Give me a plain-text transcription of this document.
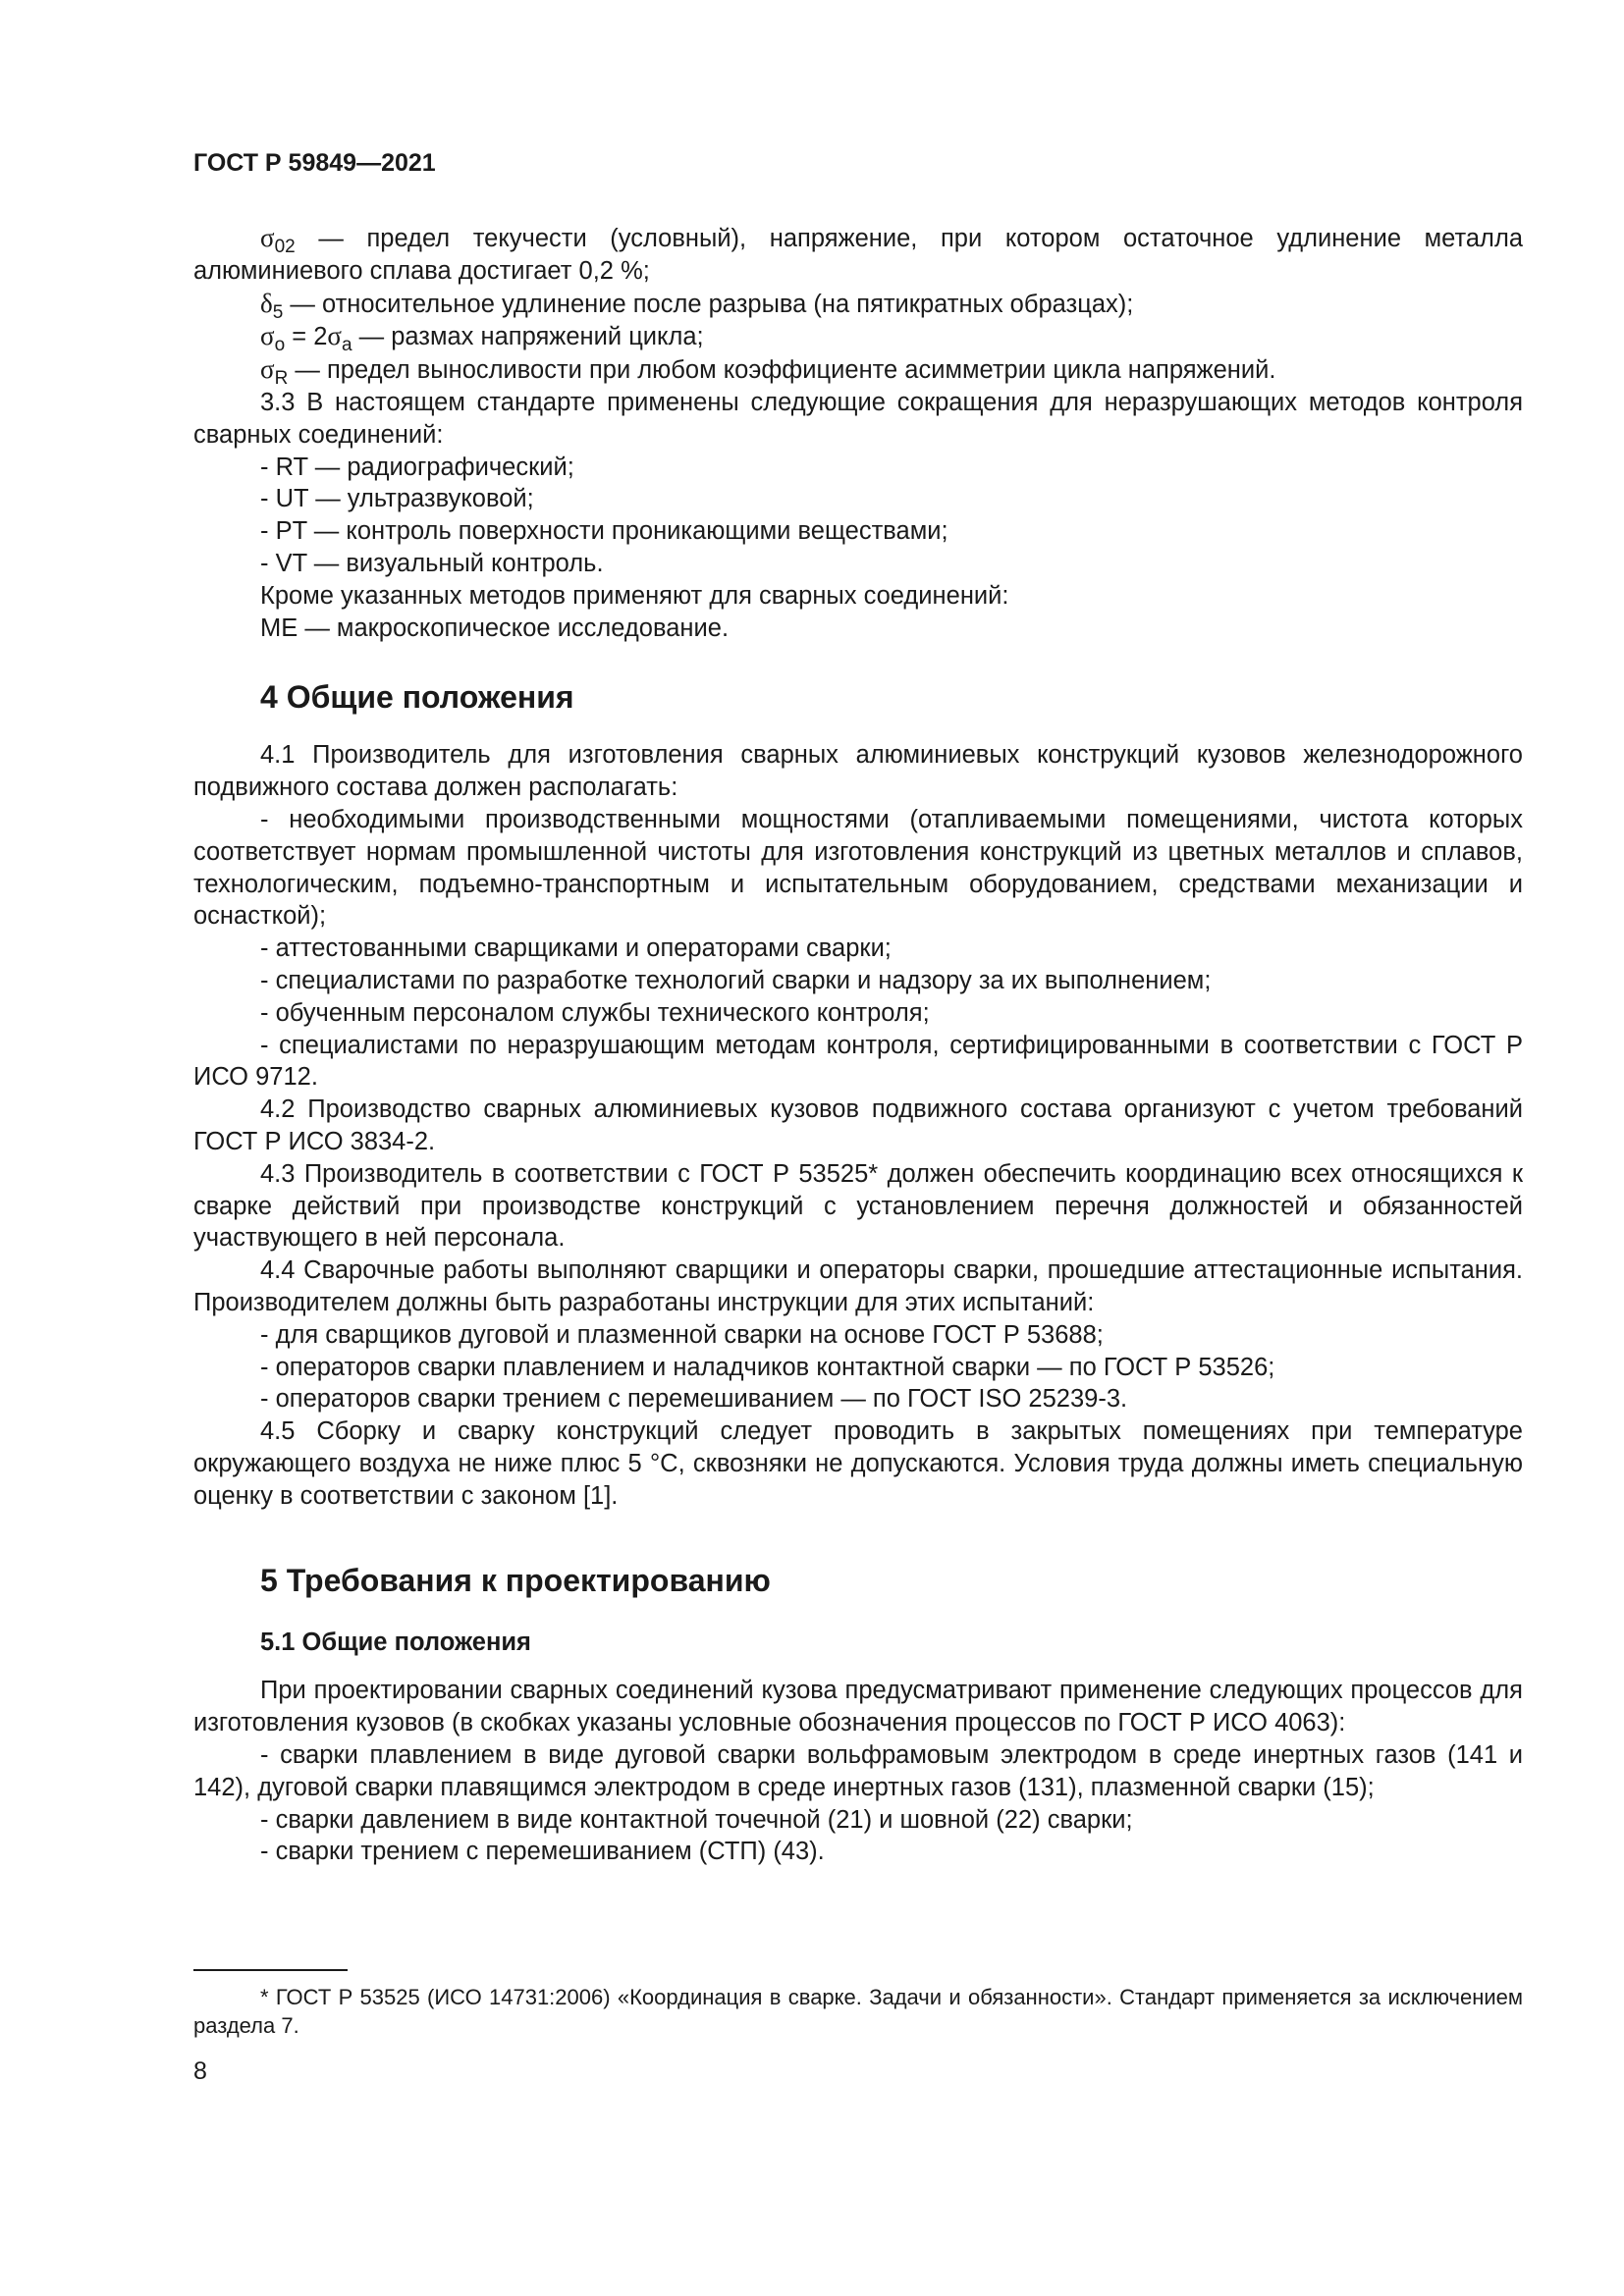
ГОСТ Р 59849—2021

$\sigma_{02}$ — предел текучести (условный), напряжение, при котором остаточное удлинение металла алюминиевого сплава достигает 0,2 %;

$\delta_5$ — относительное удлинение после разрыва (на пятикратных образцах);

$\sigma_о = 2\sigma_а$ — размах напряжений цикла;

$\sigma_R$ — предел выносливости при любом коэффициенте асимметрии цикла напряжений.

3.3 В настоящем стандарте применены следующие сокращения для неразрушающих методов контроля сварных соединений:

- RT — радиографический;

- UT — ультразвуковой;

- PT — контроль поверхности проникающими веществами;

- VT — визуальный контроль.

Кроме указанных методов применяют для сварных соединений:

ME — макроскопическое исследование.

4 Общие положения

4.1 Производитель для изготовления сварных алюминиевых конструкций кузовов железнодорожного подвижного состава должен располагать:

- необходимыми производственными мощностями (отапливаемыми помещениями, чистота которых соответствует нормам промышленной чистоты для изготовления конструкций из цветных металлов и сплавов, технологическим, подъемно-транспортным и испытательным оборудованием, средствами механизации и оснасткой);

- аттестованными сварщиками и операторами сварки;

- специалистами по разработке технологий сварки и надзору за их выполнением;

- обученным персоналом службы технического контроля;

- специалистами по неразрушающим методам контроля, сертифицированными в соответствии с ГОСТ Р ИСО 9712.

4.2 Производство сварных алюминиевых кузовов подвижного состава организуют с учетом требований ГОСТ Р ИСО 3834-2.

4.3 Производитель в соответствии с ГОСТ Р 53525* должен обеспечить координацию всех относящихся к сварке действий при производстве конструкций с установлением перечня должностей и обязанностей участвующего в ней персонала.

4.4 Сварочные работы выполняют сварщики и операторы сварки, прошедшие аттестационные испытания. Производителем должны быть разработаны инструкции для этих испытаний:

- для сварщиков дуговой и плазменной сварки на основе ГОСТ Р 53688;

- операторов сварки плавлением и наладчиков контактной сварки — по ГОСТ Р 53526;

- операторов сварки трением с перемешиванием — по ГОСТ ISO 25239-3.

4.5 Сборку и сварку конструкций следует проводить в закрытых помещениях при температуре окружающего воздуха не ниже плюс 5 °С, сквозняки не допускаются. Условия труда должны иметь специальную оценку в соответствии с законом [1].

5 Требования к проектированию
5.1 Общие положения

При проектировании сварных соединений кузова предусматривают применение следующих процессов для изготовления кузовов (в скобках указаны условные обозначения процессов по ГОСТ Р ИСО 4063):

- сварки плавлением в виде дуговой сварки вольфрамовым электродом в среде инертных газов (141 и 142), дуговой сварки плавящимся электродом в среде инертных газов (131), плазменной сварки (15);

- сварки давлением в виде контактной точечной (21) и шовной (22) сварки;

- сварки трением с перемешиванием (СТП) (43).

* ГОСТ Р 53525 (ИСО 14731:2006) «Координация в сварке. Задачи и обязанности». Стандарт применяется за исключением раздела 7.

8
